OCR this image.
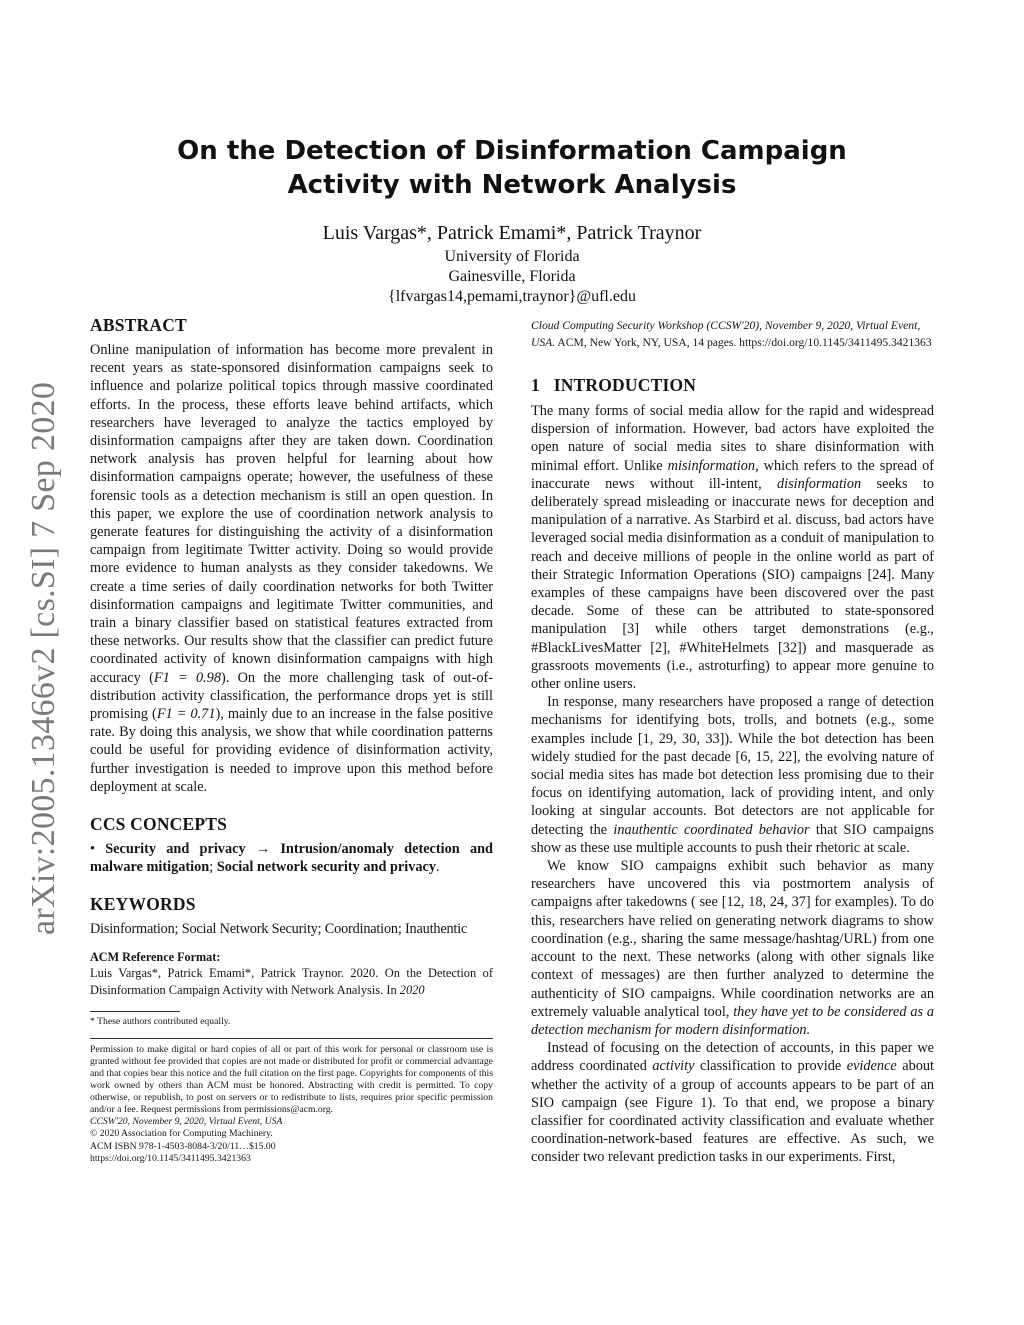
arXiv:2005.13466v2 [cs.SI] 7 Sep 2020
On the Detection of Disinformation Campaign
Activity with Network Analysis
Luis Vargas*, Patrick Emami*, Patrick Traynor
University of Florida
Gainesville, Florida
{lfvargas14,pemami,traynor}@ufl.edu
ABSTRACT

Online manipulation of information has become more prevalent in recent years as state-sponsored disinformation campaigns seek to influence and polarize political topics through massive coordinated efforts. In the process, these efforts leave behind artifacts, which researchers have leveraged to analyze the tactics employed by disinformation campaigns after they are taken down. Coordination network analysis has proven helpful for learning about how disinformation campaigns operate; however, the usefulness of these forensic tools as a detection mechanism is still an open question. In this paper, we explore the use of coordination network analysis to generate features for distinguishing the activity of a disinformation campaign from legitimate Twitter activity. Doing so would provide more evidence to human analysts as they consider takedowns. We create a time series of daily coordination networks for both Twitter disinformation campaigns and legitimate Twitter communities, and train a binary classifier based on statistical features extracted from these networks. Our results show that the classifier can predict future coordinated activity of known disinformation campaigns with high accuracy (F1 = 0.98). On the more challenging task of out-of-distribution activity classification, the performance drops yet is still promising (F1 = 0.71), mainly due to an increase in the false positive rate. By doing this analysis, we show that while coordination patterns could be useful for providing evidence of disinformation activity, further investigation is needed to improve upon this method before deployment at scale.

CCS CONCEPTS
• Security and privacy → Intrusion/anomaly detection and malware mitigation; Social network security and privacy.
KEYWORDS

Disinformation; Social Network Security; Coordination; Inauthentic

ACM Reference Format:

Luis Vargas*, Patrick Emami*, Patrick Traynor. 2020. On the Detection of Disinformation Campaign Activity with Network Analysis. In 2020

* These authors contributed equally.

Permission to make digital or hard copies of all or part of this work for personal or classroom use is granted without fee provided that copies are not made or distributed for profit or commercial advantage and that copies bear this notice and the full citation on the first page. Copyrights for components of this work owned by others than ACM must be honored. Abstracting with credit is permitted. To copy otherwise, or republish, to post on servers or to redistribute to lists, requires prior specific permission and/or a fee. Request permissions from permissions@acm.org.

CCSW'20, November 9, 2020, Virtual Event, USA

© 2020 Association for Computing Machinery.

ACM ISBN 978-1-4503-8084-3/20/11…$15.00

https://doi.org/10.1145/3411495.3421363

Cloud Computing Security Workshop (CCSW'20), November 9, 2020, Virtual Event, USA. ACM, New York, NY, USA, 14 pages. https://doi.org/10.1145/3411495.3421363

1 INTRODUCTION

The many forms of social media allow for the rapid and widespread dispersion of information. However, bad actors have exploited the open nature of social media sites to share disinformation with minimal effort. Unlike misinformation, which refers to the spread of inaccurate news without ill-intent, disinformation seeks to deliberately spread misleading or inaccurate news for deception and manipulation of a narrative. As Starbird et al. discuss, bad actors have leveraged social media disinformation as a conduit of manipulation to reach and deceive millions of people in the online world as part of their Strategic Information Operations (SIO) campaigns [24]. Many examples of these campaigns have been discovered over the past decade. Some of these can be attributed to state-sponsored manipulation [3] while others target demonstrations (e.g., #BlackLivesMatter [2], #WhiteHelmets [32]) and masquerade as grassroots movements (i.e., astroturfing) to appear more genuine to other online users.

In response, many researchers have proposed a range of detection mechanisms for identifying bots, trolls, and botnets (e.g., some examples include [1, 29, 30, 33]). While the bot detection has been widely studied for the past decade [6, 15, 22], the evolving nature of social media sites has made bot detection less promising due to their focus on identifying automation, lack of providing intent, and only looking at singular accounts. Bot detectors are not applicable for detecting the inauthentic coordinated behavior that SIO campaigns show as these use multiple accounts to push their rhetoric at scale.

We know SIO campaigns exhibit such behavior as many researchers have uncovered this via postmortem analysis of campaigns after takedowns ( see [12, 18, 24, 37] for examples). To do this, researchers have relied on generating network diagrams to show coordination (e.g., sharing the same message/hashtag/URL) from one account to the next. These networks (along with other signals like context of messages) are then further analyzed to determine the authenticity of SIO campaigns. While coordination networks are an extremely valuable analytical tool, they have yet to be considered as a detection mechanism for modern disinformation.

Instead of focusing on the detection of accounts, in this paper we address coordinated activity classification to provide evidence about whether the activity of a group of accounts appears to be part of an SIO campaign (see Figure 1). To that end, we propose a binary classifier for coordinated activity classification and evaluate whether coordination-network-based features are effective. As such, we consider two relevant prediction tasks in our experiments. First,
